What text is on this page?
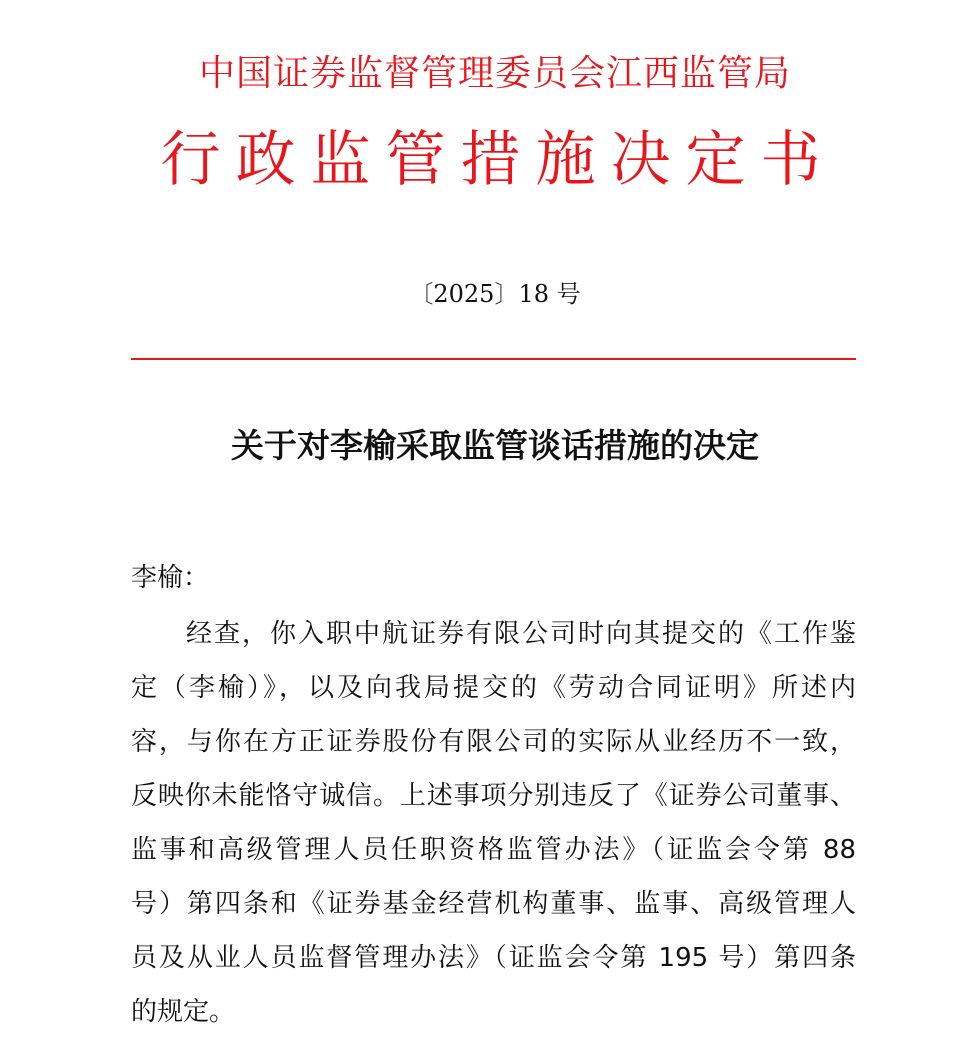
中国证券监督管理委员会江西监管局
行政监管措施决定书
〔2025〕18 号
关于对李榆采取监管谈话措施的决定
李榆：
经查，你入职中航证券有限公司时向其提交的《工作鉴
定（李榆）》，以及向我局提交的《劳动合同证明》所述内
容，与你在方正证券股份有限公司的实际从业经历不一致，
反映你未能恪守诚信。上述事项分别违反了《证券公司董事、
监事和高级管理人员任职资格监管办法》（证监会令第 88
号）第四条和《证券基金经营机构董事、监事、高级管理人
员及从业人员监督管理办法》（证监会令第 195 号）第四条
的规定。
